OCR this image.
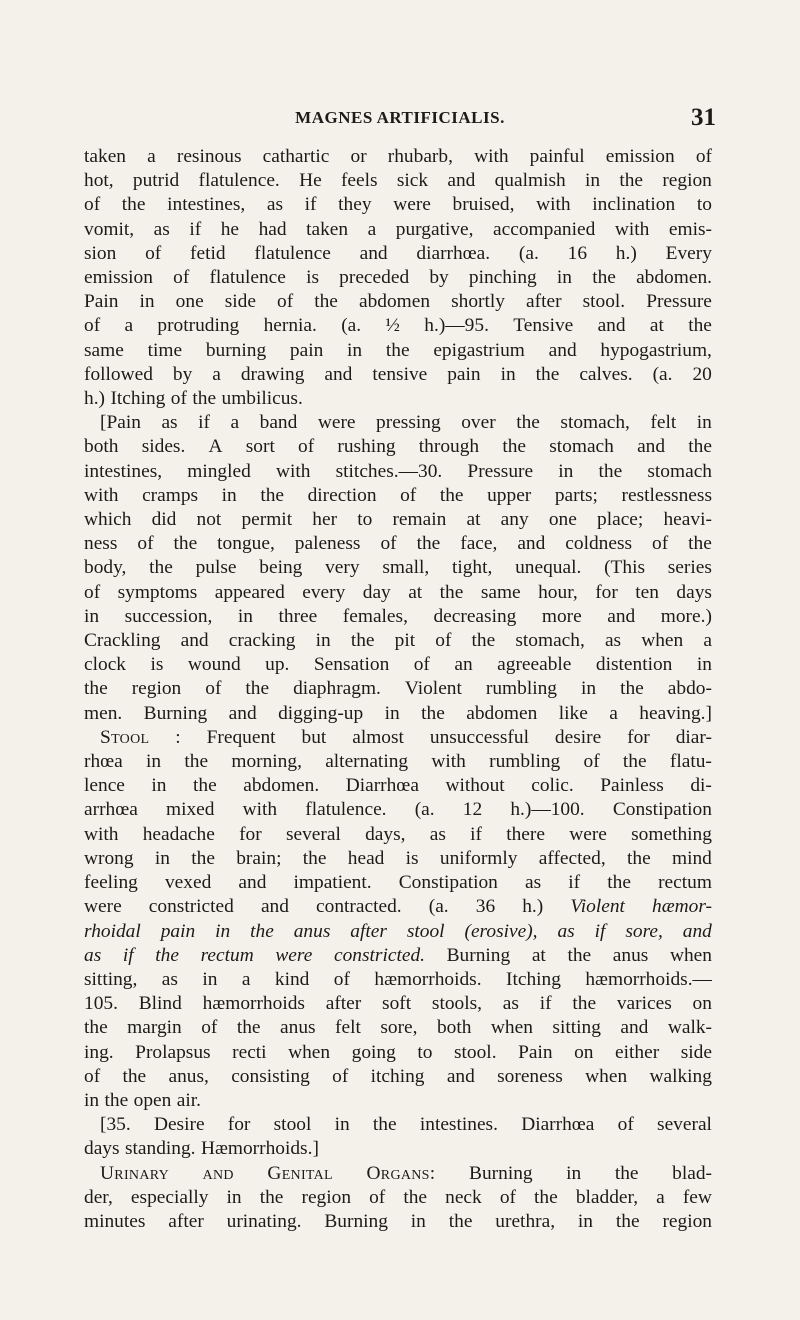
MAGNES ARTIFICIALIS.	31
taken a resinous cathartic or rhubarb, with painful emission of
hot, putrid flatulence. He feels sick and qualmish in the region
of the intestines, as if they were bruised, with inclination to
vomit, as if he had taken a purgative, accompanied with emis-
sion of fetid flatulence and diarrhœa. (a. 16 h.) Every
emission of flatulence is preceded by pinching in the abdomen.
Pain in one side of the abdomen shortly after stool. Pressure
of a protruding hernia. (a. ½ h.)—95. Tensive and at the
same time burning pain in the epigastrium and hypogastrium,
followed by a drawing and tensive pain in the calves. (a. 20
h.) Itching of the umbilicus.
[Pain as if a band were pressing over the stomach, felt in
both sides. A sort of rushing through the stomach and the
intestines, mingled with stitches.—30. Pressure in the stomach
with cramps in the direction of the upper parts; restlessness
which did not permit her to remain at any one place; heavi-
ness of the tongue, paleness of the face, and coldness of the
body, the pulse being very small, tight, unequal. (This series
of symptoms appeared every day at the same hour, for ten days
in succession, in three females, decreasing more and more.)
Crackling and cracking in the pit of the stomach, as when a
clock is wound up. Sensation of an agreeable distention in
the region of the diaphragm. Violent rumbling in the abdo-
men. Burning and digging-up in the abdomen like a heaving.]
Stool : Frequent but almost unsuccessful desire for diar-
rhœa in the morning, alternating with rumbling of the flatu-
lence in the abdomen. Diarrhœa without colic. Painless di-
arrhœa mixed with flatulence. (a. 12 h.)—100. Constipation
with headache for several days, as if there were something
wrong in the brain; the head is uniformly affected, the mind
feeling vexed and impatient. Constipation as if the rectum
were constricted and contracted. (a. 36 h.) Violent hæmor-
rhoidal pain in the anus after stool (erosive), as if sore, and
as if the rectum were constricted. Burning at the anus when
sitting, as in a kind of hæmorrhoids. Itching hæmorrhoids.—
105. Blind hæmorrhoids after soft stools, as if the varices on
the margin of the anus felt sore, both when sitting and walk-
ing. Prolapsus recti when going to stool. Pain on either side
of the anus, consisting of itching and soreness when walking
in the open air.
[35. Desire for stool in the intestines. Diarrhœa of several
days standing. Hæmorrhoids.]
Urinary and Genital Organs: Burning in the blad-
der, especially in the region of the neck of the bladder, a few
minutes after urinating. Burning in the urethra, in the region
